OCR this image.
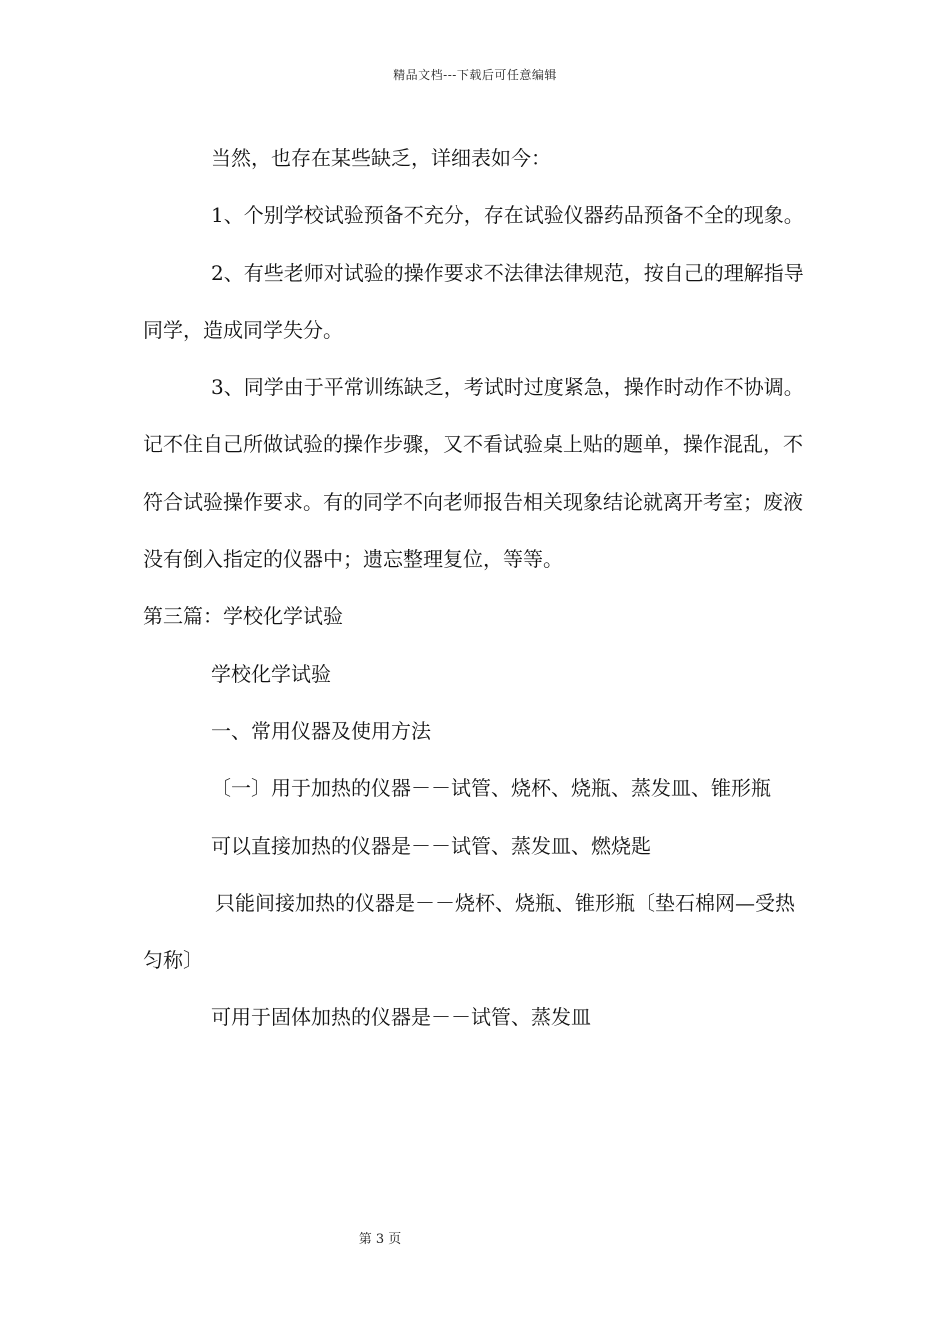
精品文档---下载后可任意编辑

当然，也存在某些缺乏，详细表如今：

1、个别学校试验预备不充分，存在试验仪器药品预备不全的现象。

2、有些老师对试验的操作要求不法律法律规范，按自己的理解指导同学，造成同学失分。

3、同学由于平常训练缺乏，考试时过度紧急，操作时动作不协调。 记不住自己所做试验的操作步骤，又不看试验桌上贴的题单，操作混乱，不符合试验操作要求。有的同学不向老师报告相关现象结论就离开考室；废液没有倒入指定的仪器中；遗忘整理复位，等等。

第三篇：学校化学试验

学校化学试验

一、常用仪器及使用方法

〔一〕用于加热的仪器－－试管、烧杯、烧瓶、蒸发皿、锥形瓶

可以直接加热的仪器是－－试管、蒸发皿、燃烧匙

只能间接加热的仪器是－－烧杯、烧瓶、锥形瓶〔垫石棉网—受热匀称〕

可用于固体加热的仪器是－－试管、蒸发皿

第 3 页
